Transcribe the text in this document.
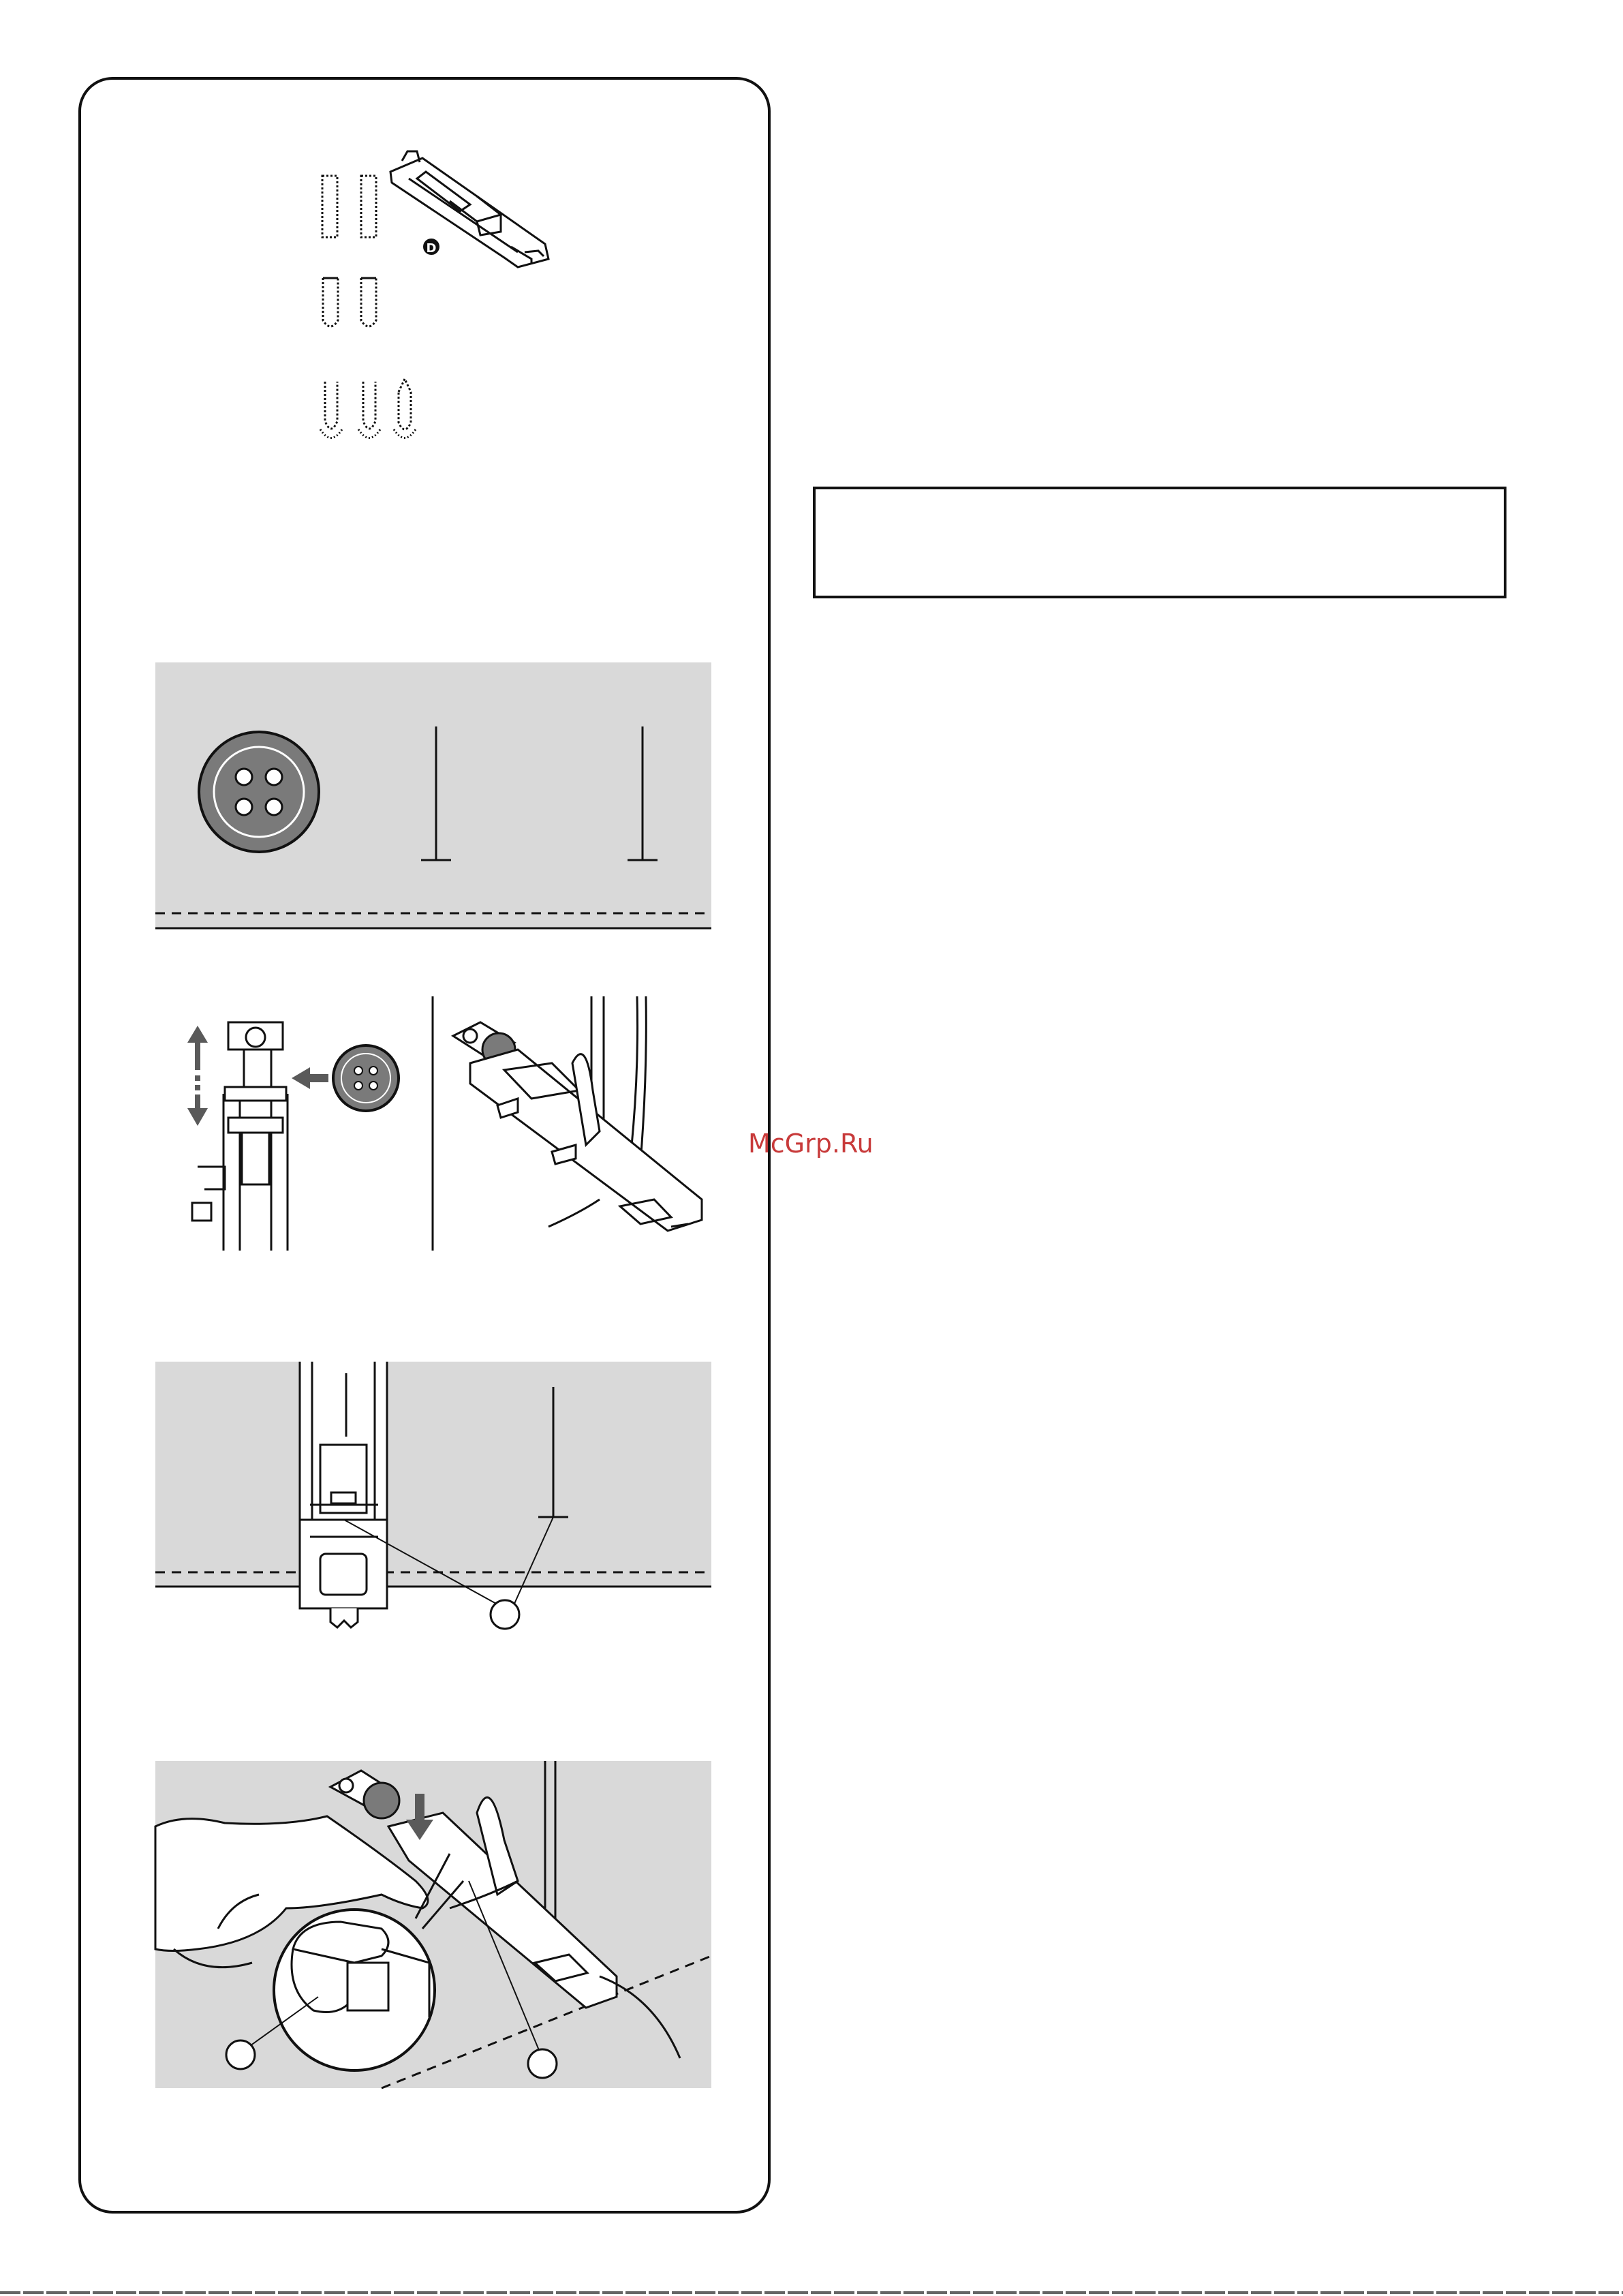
McGrp.Ru
D
